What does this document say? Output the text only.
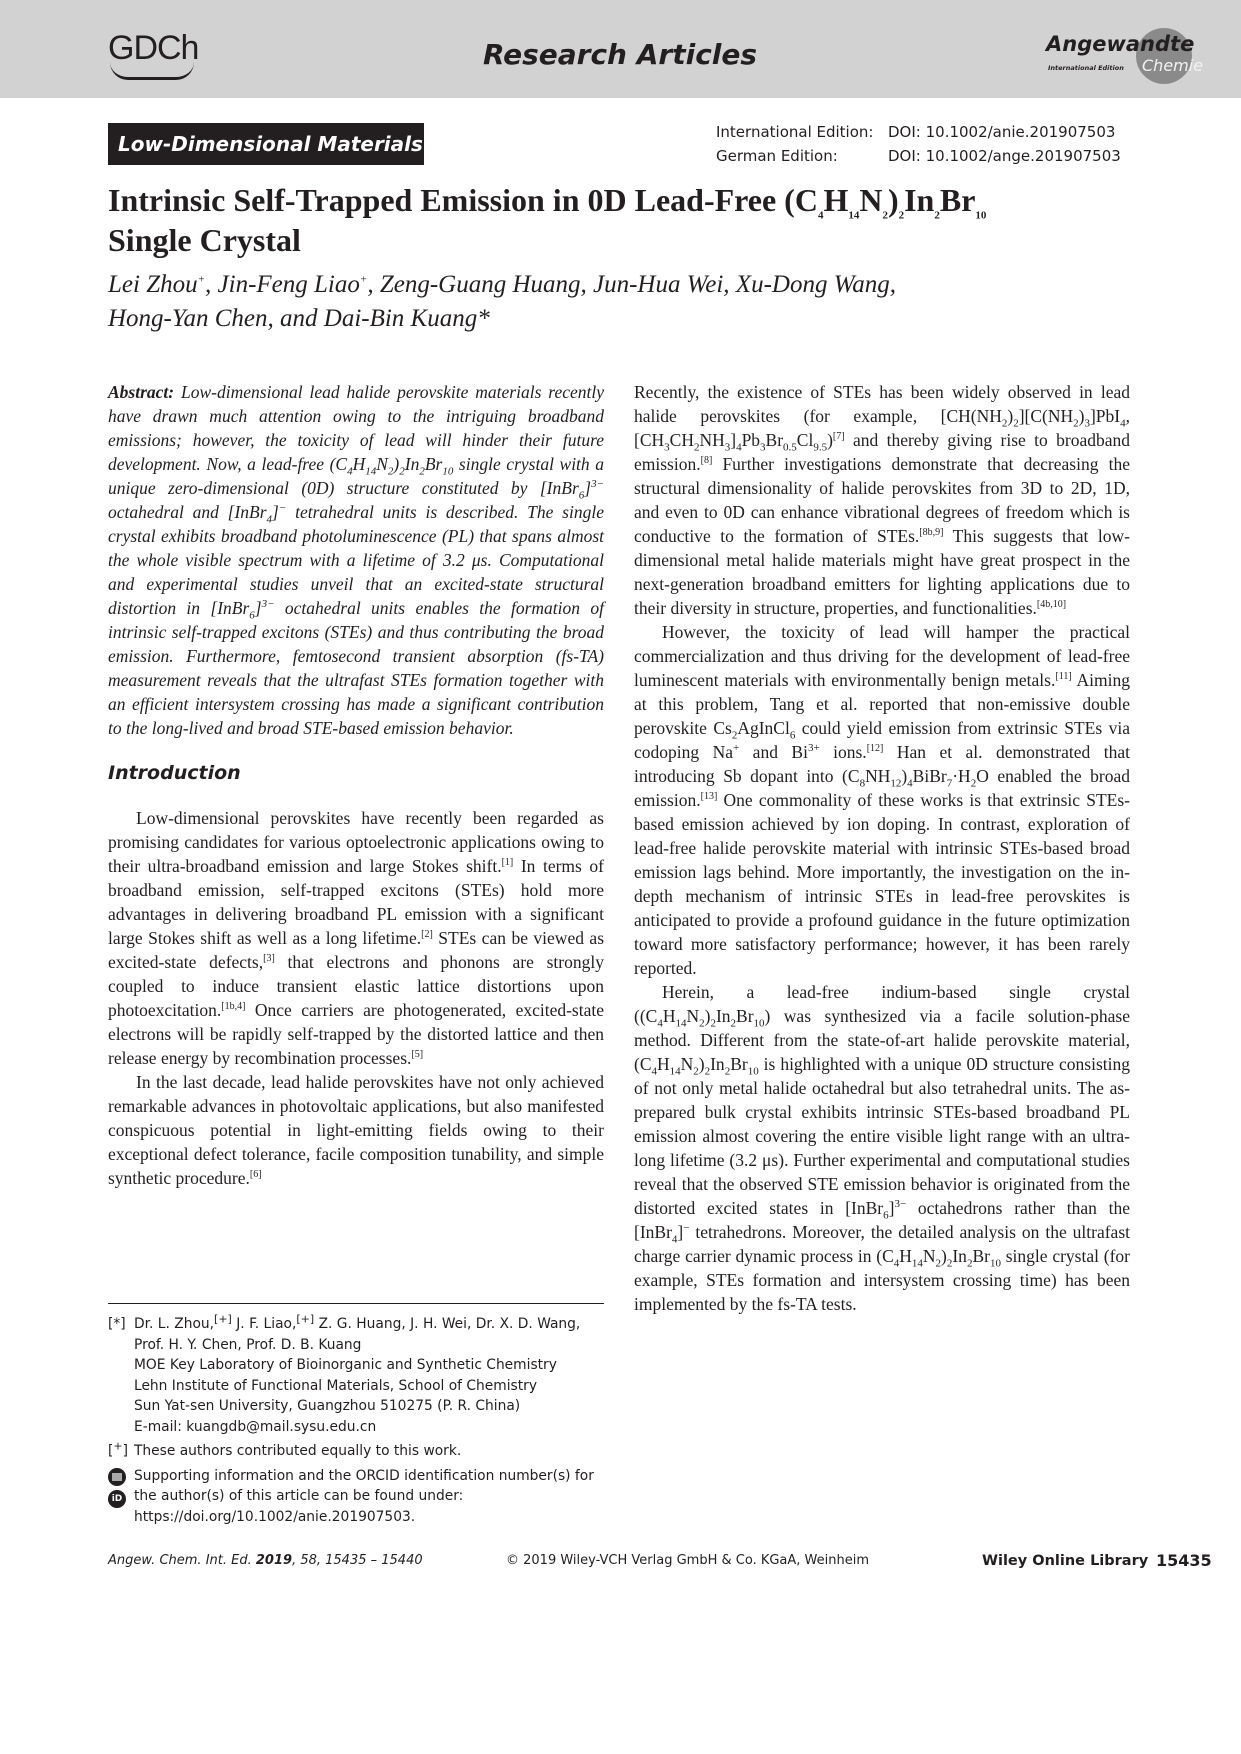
GDCh	Research Articles	Angewandte
International Edition Chemie
Low-Dimensional Materials	International Edition: DOI: 10.1002/anie.201907503
German Edition:	DOI: 10.1002/ange.201907503
Intrinsic Self-Trapped Emission in 0D Lead-Free $(C_4H_{14}N_2)_2In_2Br_{10}$
Single Crystal
Lei Zhou+, Jin-Feng Liao+, Zeng-Guang Huang, Jun-Hua Wei, Xu-Dong Wang,
Hong-Yan Chen, and Dai-Bin Kuang*

Abstract: Low-dimensional lead halide perovskite materials recently have drawn much attention owing to the intriguing broadband emissions; however, the toxicity of lead will hinder their future development. Now, a lead-free $(C_4H_{14}N_2)_2In_2Br_{10}$ single crystal with a unique zero-dimensional (0D) structure constituted by [InBr$_6$]$^{3-}$ octahedral and [InBr$_4$]− tetrahedral units is described. The single crystal exhibits broadband photoluminescence (PL) that spans almost the whole visible spectrum with a lifetime of 3.2 μs. Computational and experimental studies unveil that an excited-state structural distortion in [InBr$_6$]$^{3-}$ octahedral units enables the formation of intrinsic self-trapped excitons (STEs) and thus contributing the broad emission. Furthermore, femtosecond transient absorption (fs-TA) measurement reveals that the ultrafast STEs formation together with an efficient intersystem crossing has made a significant contribution to the long-lived and broad STE-based emission behavior.

Introduction

Low-dimensional perovskites have recently been regarded as promising candidates for various optoelectronic applications owing to their ultra-broadband emission and large Stokes shift.[1] In terms of broadband emission, self-trapped excitons (STEs) hold more advantages in delivering broadband PL emission with a significant large Stokes shift as well as a long lifetime.[2] STEs can be viewed as excited-state defects,[3] that electrons and phonons are strongly coupled to induce transient elastic lattice distortions upon photoexcitation.[1b,4] Once carriers are photogenerated, excited-state electrons will be rapidly self-trapped by the distorted lattice and then release energy by recombination processes.[5]

In the last decade, lead halide perovskites have not only achieved remarkable advances in photovoltaic applications, but also manifested conspicuous potential in light-emitting fields owing to their exceptional defect tolerance, facile composition tunability, and simple synthetic procedure.[6]

Recently, the existence of STEs has been widely observed in lead halide perovskites (for example, $[CH(NH_2)_2][C(NH_2)_3]PbI_4$, $[CH_3CH_2NH_3]_4Pb_3Br_{0.5}Cl_{9.5})[7]$ and thereby giving rise to broadband emission.[8] Further investigations demonstrate that decreasing the structural dimensionality of halide perovskites from 3D to 2D, 1D, and even to 0D can enhance vibrational degrees of freedom which is conductive to the formation of STEs.[8b,9] This suggests that low-dimensional metal halide materials might have great prospect in the next-generation broadband emitters for lighting applications due to their diversity in structure, properties, and functionalities.[4b,10]

However, the toxicity of lead will hamper the practical commercialization and thus driving for the development of lead-free luminescent materials with environmentally benign metals.[11] Aiming at this problem, Tang et al. reported that non-emissive double perovskite $Cs_2AgInCl_6$ could yield emission from extrinsic STEs via codoping Na+ and $Bi^{3+}$ ions.[12] Han et al. demonstrated that introducing Sb dopant into $(C_8NH_{12})_4BiBr_7\cdot H_2O$ enabled the broad emission.[13] One commonality of these works is that extrinsic STEs-based emission achieved by ion doping. In contrast, exploration of lead-free halide perovskite material with intrinsic STEs-based broad emission lags behind. More importantly, the investigation on the in-depth mechanism of intrinsic STEs in lead-free perovskites is anticipated to provide a profound guidance in the future optimization toward more satisfactory performance; however, it has been rarely reported.

Herein, a lead-free indium-based single crystal $((C_4H_{14}N_2)_2In_2Br_{10})$ was synthesized via a facile solution-phase method. Different from the state-of-art halide perovskite material, $(C_4H_{14}N_2)_2In_2Br_{10}$ is highlighted with a unique 0D structure consisting of not only metal halide octahedral but also tetrahedral units. The as-prepared bulk crystal exhibits intrinsic STEs-based broadband PL emission almost covering the entire visible light range with an ultra-long lifetime (3.2 μs). Further experimental and computational studies reveal that the observed STE emission behavior is originated from the distorted excited states in [InBr$_6$]$^{3-}$ octahedrons rather than the [InBr$_4$]− tetrahedrons. Moreover, the detailed analysis on the ultrafast charge carrier dynamic process in $(C_4H_{14}N_2)_2In_2Br_{10}$ single crystal (for example, STEs formation and intersystem crossing time) has been implemented by the fs-TA tests.

[*] Dr. L. Zhou,[+] J. F. Liao,[+] Z. G. Huang, J. H. Wei, Dr. X. D. Wang,
Prof. H. Y. Chen, Prof. D. B. Kuang
MOE Key Laboratory of Bioinorganic and Synthetic Chemistry
Lehn Institute of Functional Materials, School of Chemistry
Sun Yat-sen University, Guangzhou 510275 (P. R. China)
E-mail: kuangdb@mail.sysu.edu.cn
[+] These authors contributed equally to this work.
iD
Supporting information and the ORCID identification number(s) for
the author(s) of this article can be found under:
https://doi.org/10.1002/anie.201907503.
Angew. Chem. Int. Ed. 2019, 58, 15435 – 15440	© 2019 Wiley-VCH Verlag GmbH & Co. KGaA, Weinheim	Wiley Online Library 15435
